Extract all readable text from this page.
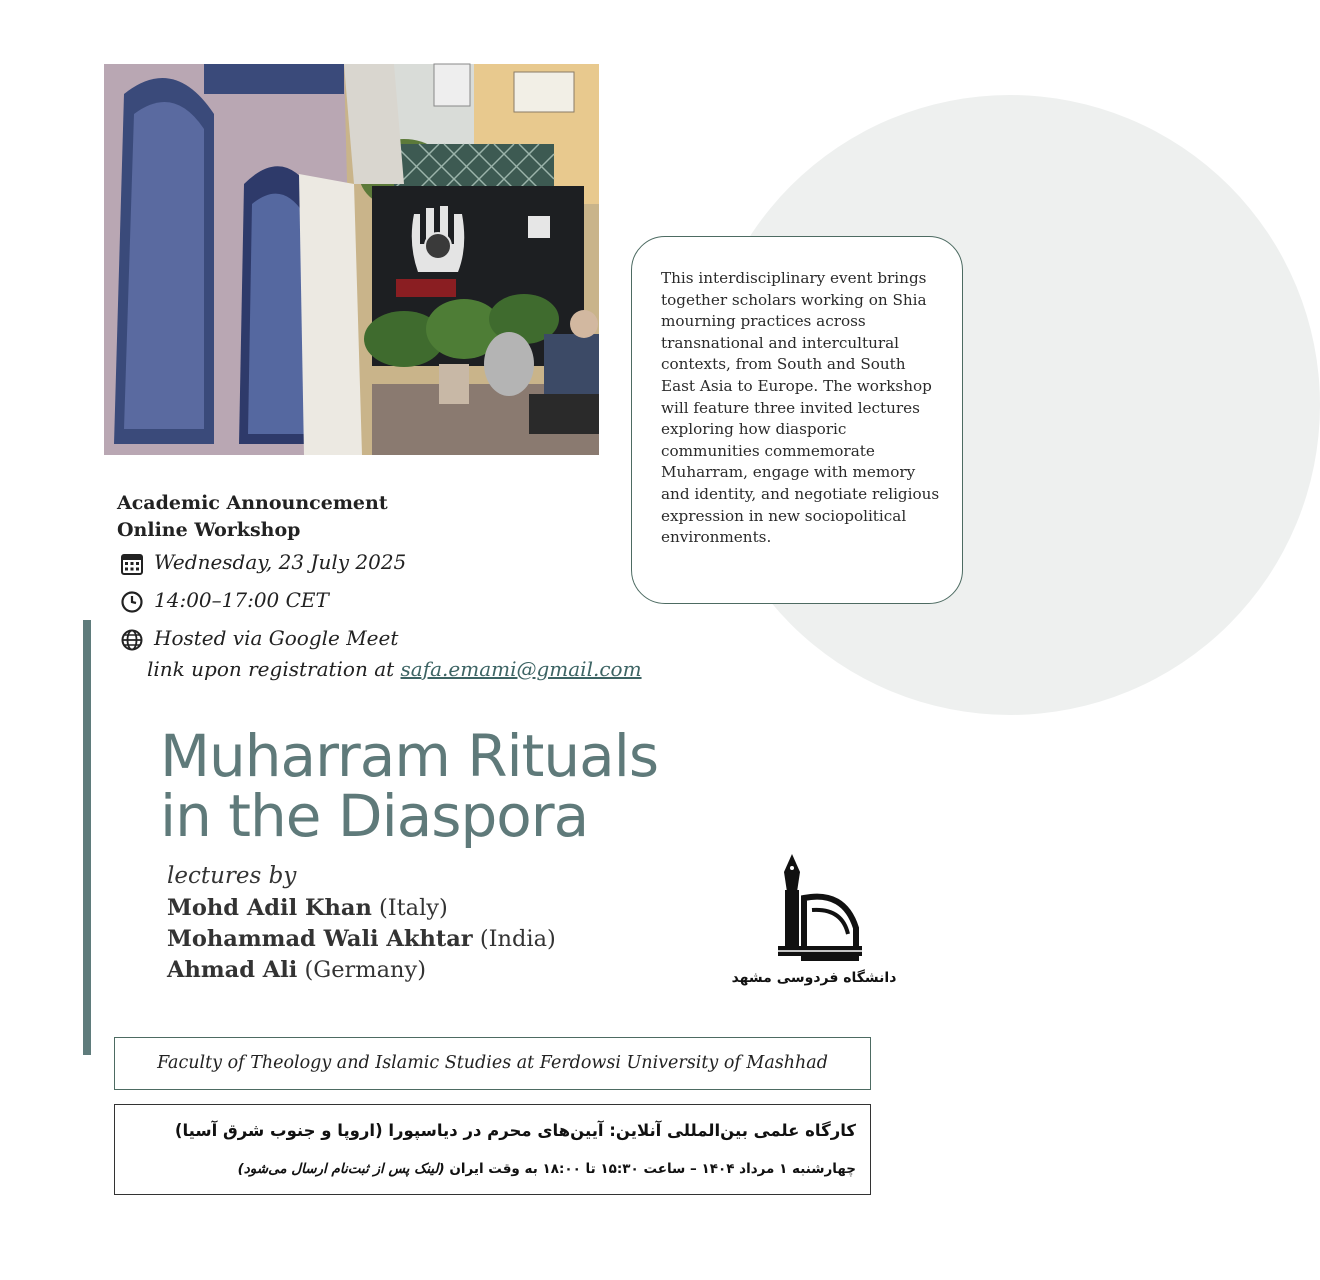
This interdisciplinary event brings together scholars working on Shia mourning practices across transnational and intercultural contexts, from South and South East Asia to Europe. The workshop will feature three invited lectures exploring how diasporic communities commemorate Muharram, engage with memory and identity, and negotiate religious expression in new sociopolitical environments.
Academic Announcement
Online Workshop
Wednesday, 23 July 2025
14:00–17:00 CET
Hosted via Google Meet
link upon registration at safa.emami@gmail.com
Muharram Rituals
in the Diaspora
lectures by
Mohd Adil Khan (Italy)
Mohammad Wali Akhtar (India)
Ahmad Ali (Germany)	دانشگاه فردوسی مشهد
Faculty of Theology and Islamic Studies at Ferdowsi University of Mashhad
کارگاه علمی بین‌المللی آنلاین: آیین‌های محرم در دیاسپورا (اروپا و جنوب شرق آسیا)
چهارشنبه ۱ مرداد ۱۴۰۴ – ساعت ۱۵:۳۰ تا ۱۸:۰۰ به وقت ایران (لینک پس از ثبت‌نام ارسال می‌شود)
